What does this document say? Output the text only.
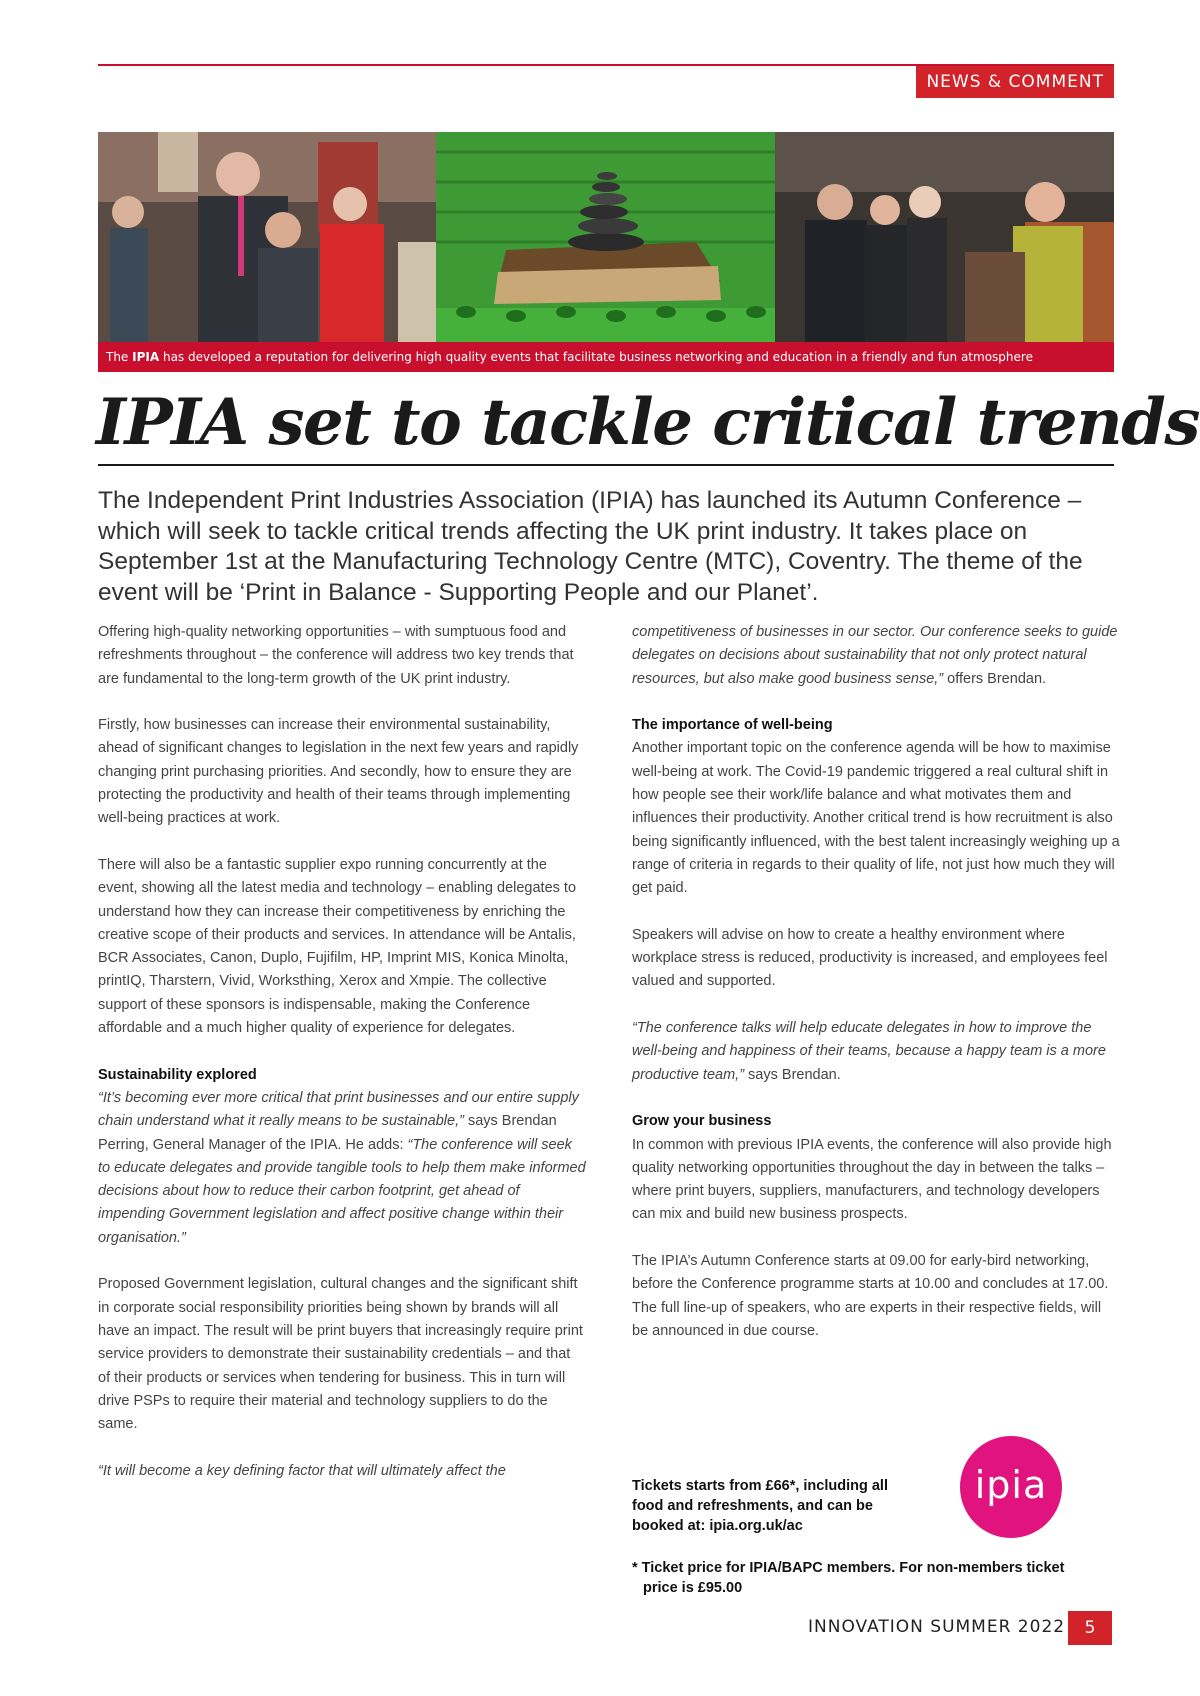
NEWS & COMMENT
The IPIA has developed a reputation for delivering high quality events that facilitate business networking and education in a friendly and fun atmosphere
IPIA set to tackle critical trends

The Independent Print Industries Association (IPIA) has launched its Autumn Conference – which will seek to tackle critical trends affecting the UK print industry. It takes place on September 1st at the Manufacturing Technology Centre (MTC), Coventry. The theme of the event will be ‘Print in Balance - Supporting People and our Planet’.

Offering high-quality networking opportunities – with sumptuous food and refreshments throughout – the conference will address two key trends that are fundamental to the long-term growth of the UK print industry.

Firstly, how businesses can increase their environmental sustainability, ahead of significant changes to legislation in the next few years and rapidly changing print purchasing priorities. And secondly, how to ensure they are protecting the productivity and health of their teams through implementing well-being practices at work.

There will also be a fantastic supplier expo running concurrently at the event, showing all the latest media and technology – enabling delegates to understand how they can increase their competitiveness by enriching the creative scope of their products and services. In attendance will be Antalis, BCR Associates, Canon, Duplo, Fujifilm, HP, Imprint MIS, Konica Minolta, printIQ, Tharstern, Vivid, Worksthing, Xerox and Xmpie. The collective support of these sponsors is indispensable, making the Conference affordable and a much higher quality of experience for delegates.

Sustainability explored

“It’s becoming ever more critical that print businesses and our entire supply chain understand what it really means to be sustainable,” says Brendan Perring, General Manager of the IPIA. He adds: “The conference will seek to educate delegates and provide tangible tools to help them make informed decisions about how to reduce their carbon footprint, get ahead of impending Government legislation and affect positive change within their organisation.”

Proposed Government legislation, cultural changes and the significant shift in corporate social responsibility priorities being shown by brands will all have an impact. The result will be print buyers that increasingly require print service providers to demonstrate their sustainability credentials – and that of their products or services when tendering for business. This in turn will drive PSPs to require their material and technology suppliers to do the same.

“It will become a key defining factor that will ultimately affect the

competitiveness of businesses in our sector. Our conference seeks to guide delegates on decisions about sustainability that not only protect natural resources, but also make good business sense,” offers Brendan.

The importance of well-being

Another important topic on the conference agenda will be how to maximise well-being at work. The Covid-19 pandemic triggered a real cultural shift in how people see their work/life balance and what motivates them and influences their productivity. Another critical trend is how recruitment is also being significantly influenced, with the best talent increasingly weighing up a range of criteria in regards to their quality of life, not just how much they will get paid.

Speakers will advise on how to create a healthy environment where workplace stress is reduced, productivity is increased, and employees feel valued and supported.

“The conference talks will help educate delegates in how to improve the well-being and happiness of their teams, because a happy team is a more productive team,” says Brendan.

Grow your business

In common with previous IPIA events, the conference will also provide high quality networking opportunities throughout the day in between the talks – where print buyers, suppliers, manufacturers, and technology developers can mix and build new business prospects.

The IPIA’s Autumn Conference starts at 09.00 for early-bird networking, before the Conference programme starts at 10.00 and concludes at 17.00. The full line-up of speakers, who are experts in their respective fields, will be announced in due course.

Tickets starts from £66*, including all food and refreshments, and can be booked at: ipia.org.uk/ac
ipia
* Ticket price for IPIA/BAPC members. For non-members ticket
price is £95.00
INNOVATION SUMMER 2022	5
